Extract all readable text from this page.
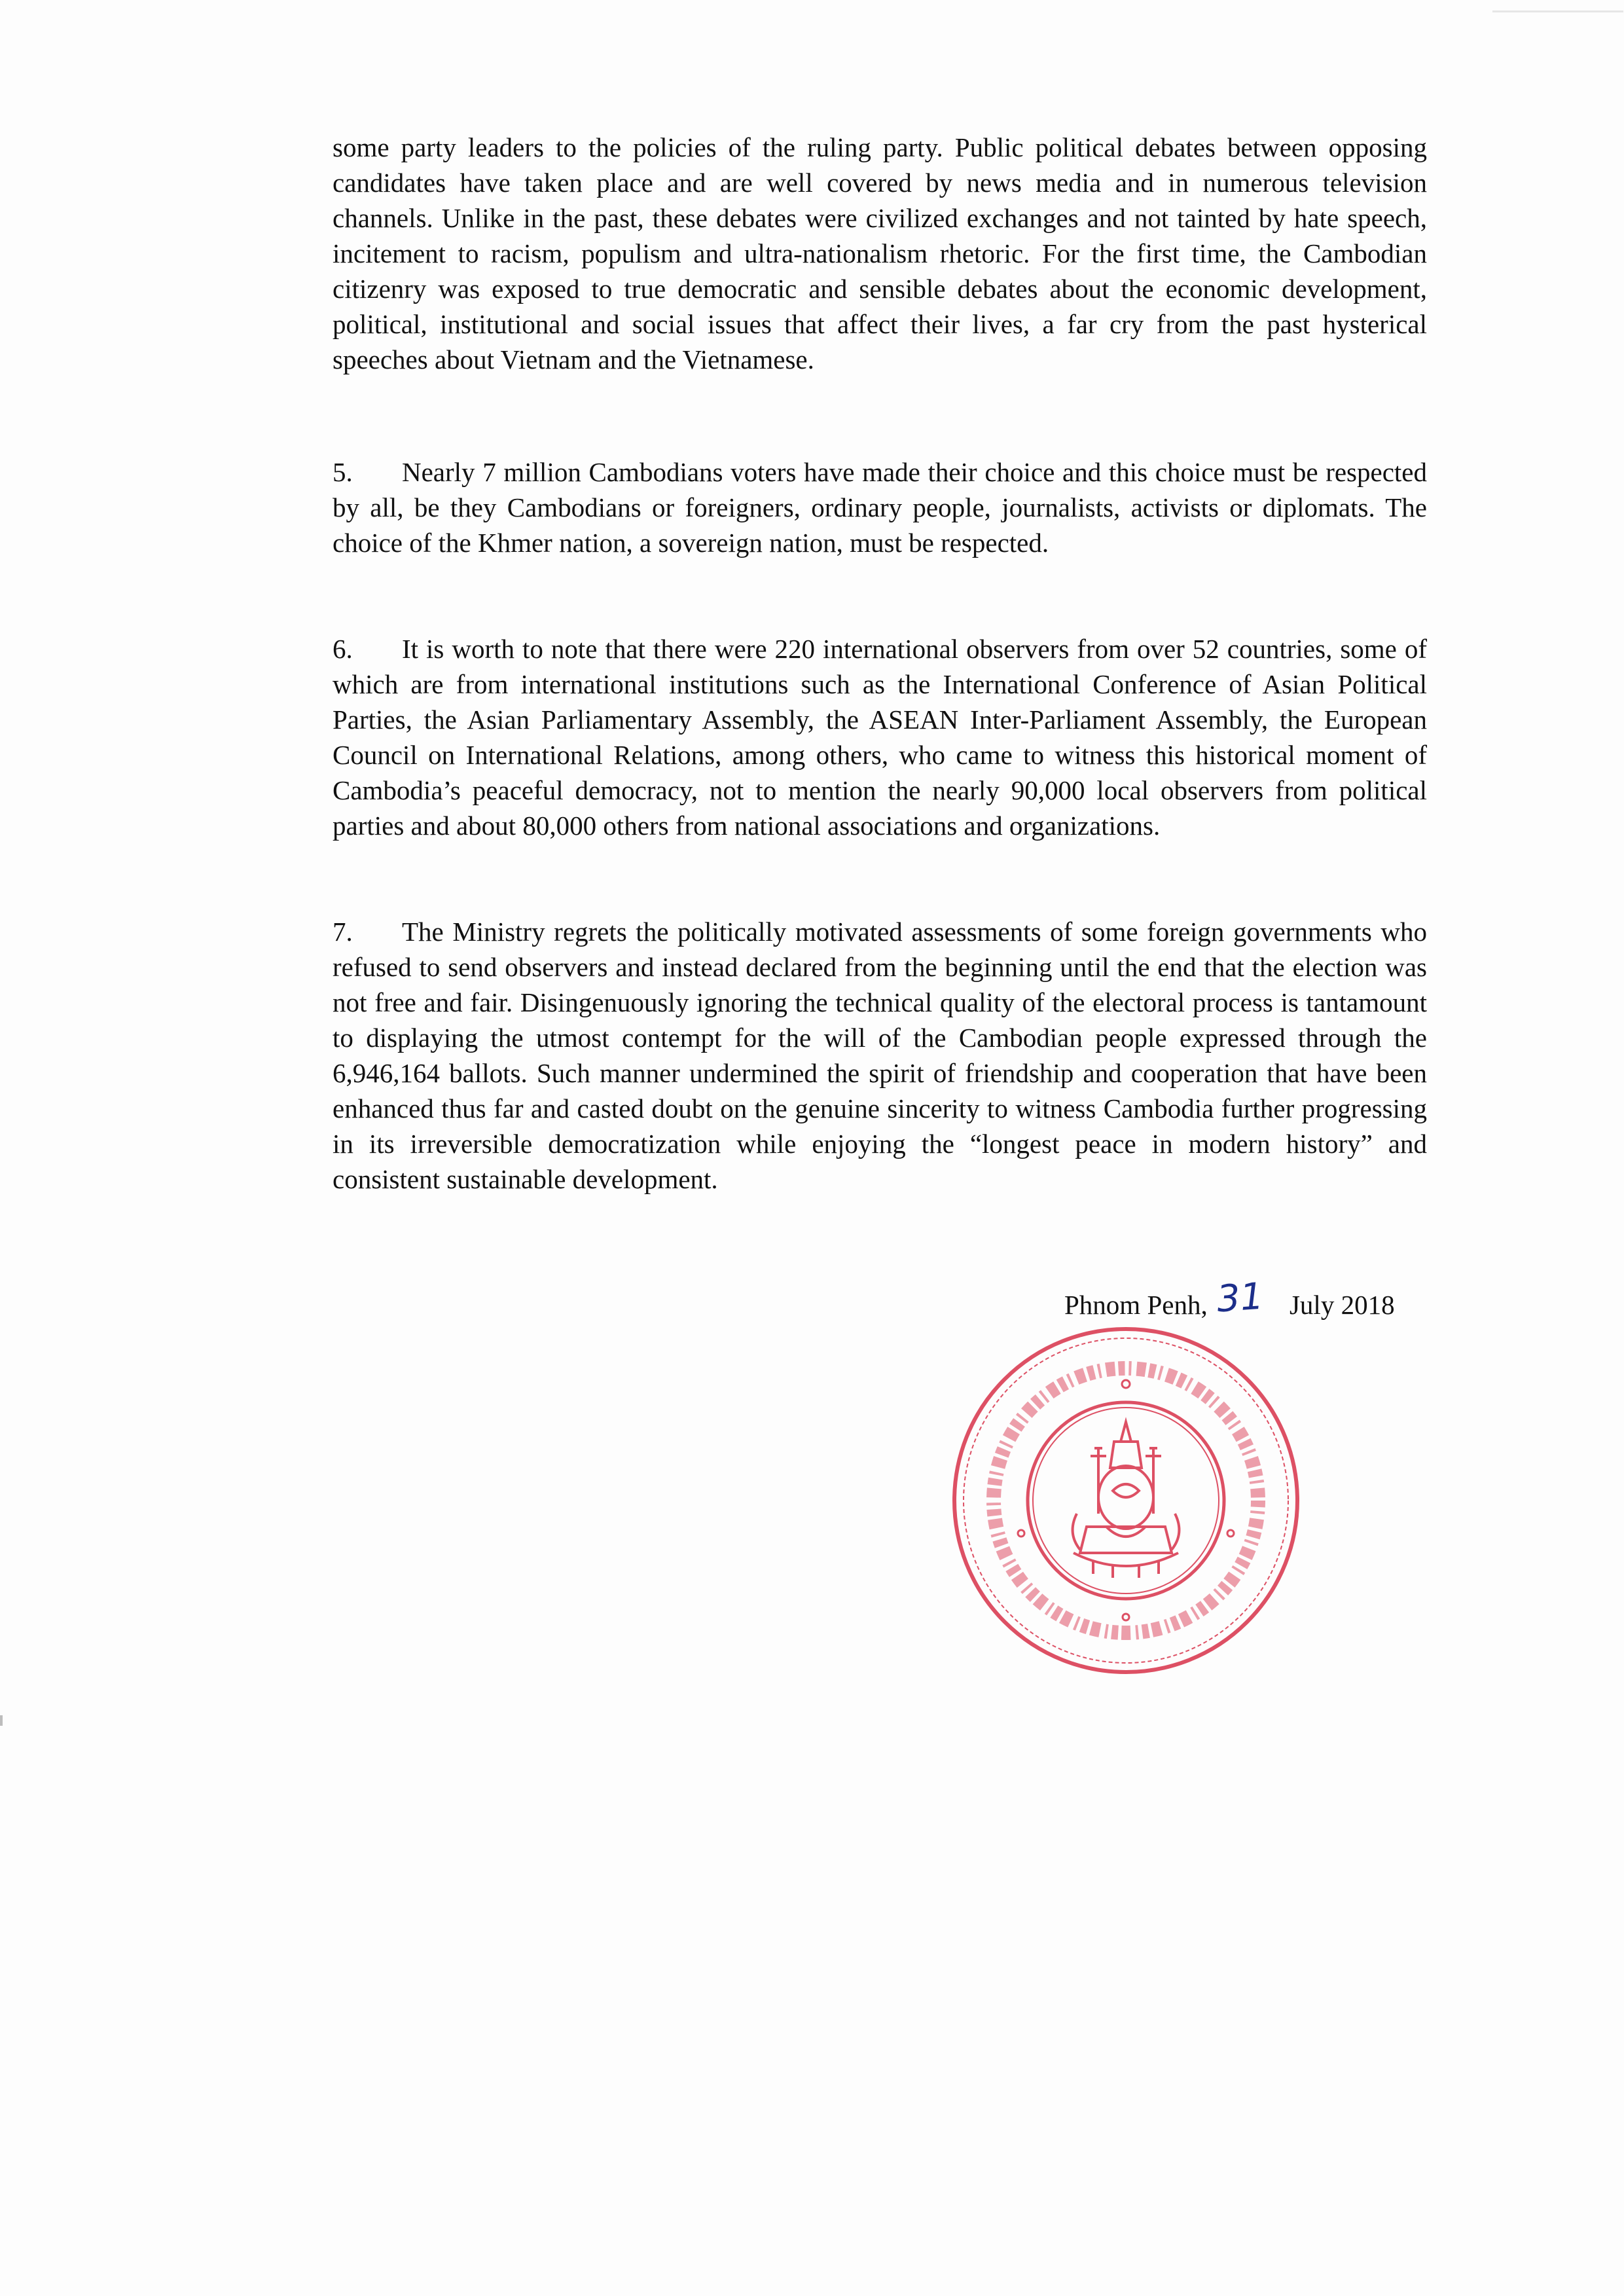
some party leaders to the policies of the ruling party. Public political debates between opposing candidates have taken place and are well covered by news media and in numerous television channels. Unlike in the past, these debates were civilized exchanges and not tainted by hate speech, incitement to racism, populism and ultra-nationalism rhetoric. For the first time, the Cambodian citizenry was exposed to true democratic and sensible debates about the economic development, political, institutional and social issues that affect their lives, a far cry from the past hysterical speeches about Vietnam and the Vietnamese.

5. Nearly 7 million Cambodians voters have made their choice and this choice must be respected by all, be they Cambodians or foreigners, ordinary people, journalists, activists or diplomats. The choice of the Khmer nation, a sovereign nation, must be respected.

6. It is worth to note that there were 220 international observers from over 52 countries, some of which are from international institutions such as the International Conference of Asian Political Parties, the Asian Parliamentary Assembly, the ASEAN Inter-Parliament Assembly, the European Council on International Relations, among others, who came to witness this historical moment of Cambodia’s peaceful democracy, not to mention the nearly 90,000 local observers from political parties and about 80,000 others from national associations and organizations.

7. The Ministry regrets the politically motivated assessments of some foreign governments who refused to send observers and instead declared from the beginning until the end that the election was not free and fair. Disingenuously ignoring the technical quality of the electoral process is tantamount to displaying the utmost contempt for the will of the Cambodian people expressed through the 6,946,164 ballots. Such manner undermined the spirit of friendship and cooperation that have been enhanced thus far and casted doubt on the genuine sincerity to witness Cambodia further progressing in its irreversible democratization while enjoying the “longest peace in modern history” and consistent sustainable development.

Phnom Penh, 31 July 2018
